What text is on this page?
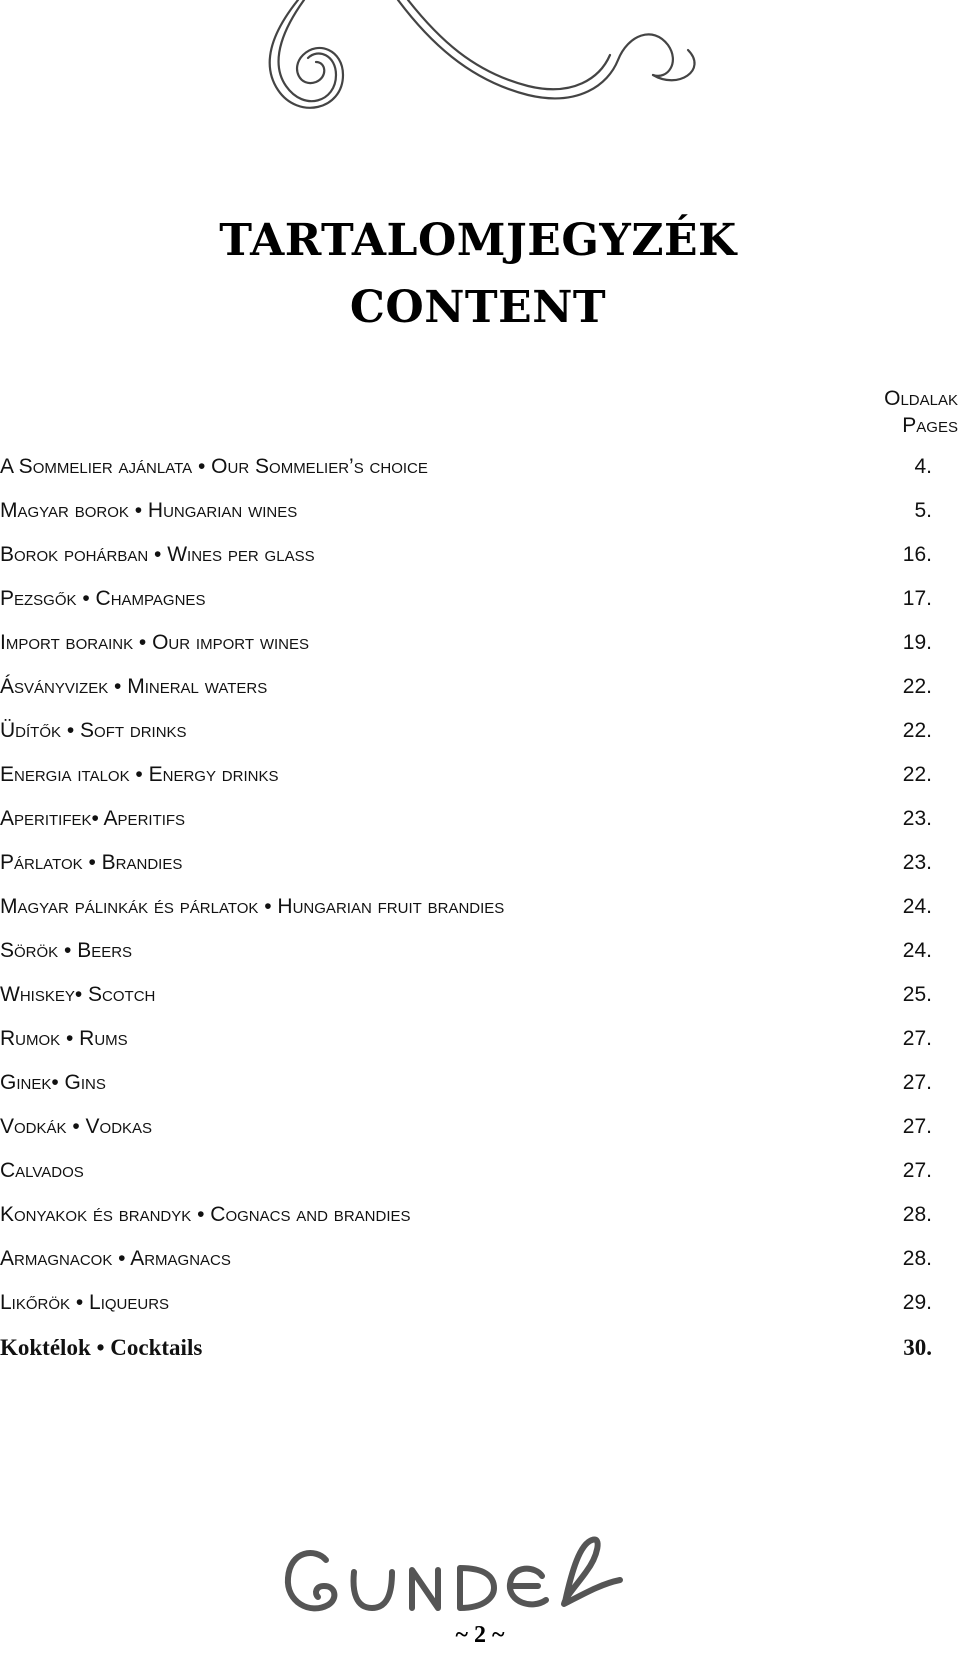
TARTALOMJEGYZÉK
CONTENT
Oldalak
Pages
A Sommelier ajánlata • Our Sommelier’s choice	4.
Magyar borok • Hungarian wines	5.
Borok pohárban • Wines per glass	16.
Pezsgők • Champagnes	17.
Import boraink • Our import wines	19.
Ásványvizek • Mineral waters	22.
Üdítők • Soft drinks	22.
Energia italok • Energy drinks	22.
Aperitifek• Aperitifs	23.
Párlatok • Brandies	23.
Magyar pálinkák és párlatok • Hungarian fruit brandies	24.
Sörök • Beers	24.
Whiskey• Scotch	25.
Rumok • Rums	27.
Ginek• Gins	27.
Vodkák • Vodkas	27.
Calvados	27.
Konyakok és brandyk • Cognacs and brandies	28.
Armagnacok • Armagnacs	28.
Likőrök • Liqueurs	29.
Koktélok • Cocktails	30.
~ 2 ~
